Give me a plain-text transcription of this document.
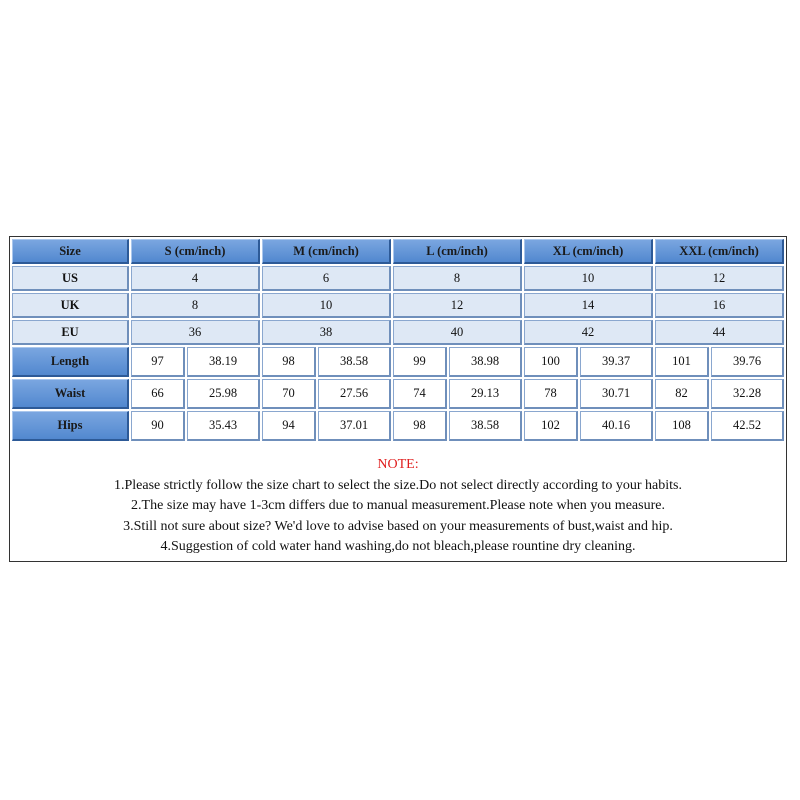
Size	S (cm/inch)		M (cm/inch)		L (cm/inch)		XL (cm/inch)		XXL (cm/inch)	
US	4		6		8		10		12	
UK	8		10		12		14		16	
EU	36		38		40		42		44	
Length	97	38.19	98	38.58	99	38.98	100	39.37	101	39.76
Waist	66	25.98	70	27.56	74	29.13	78	30.71	82	32.28
Hips	90	35.43	94	37.01	98	38.58	102	40.16	108	42.52
NOTE:
1.Please strictly follow the size chart to select the size.Do not select directly according to your habits.
2.The size may have 1-3cm differs due to manual measurement.Please note when you measure.
3.Still not sure about size? We'd love to advise based on your measurements of bust,waist and hip.
4.Suggestion of cold water hand washing,do not bleach,please rountine dry cleaning.
